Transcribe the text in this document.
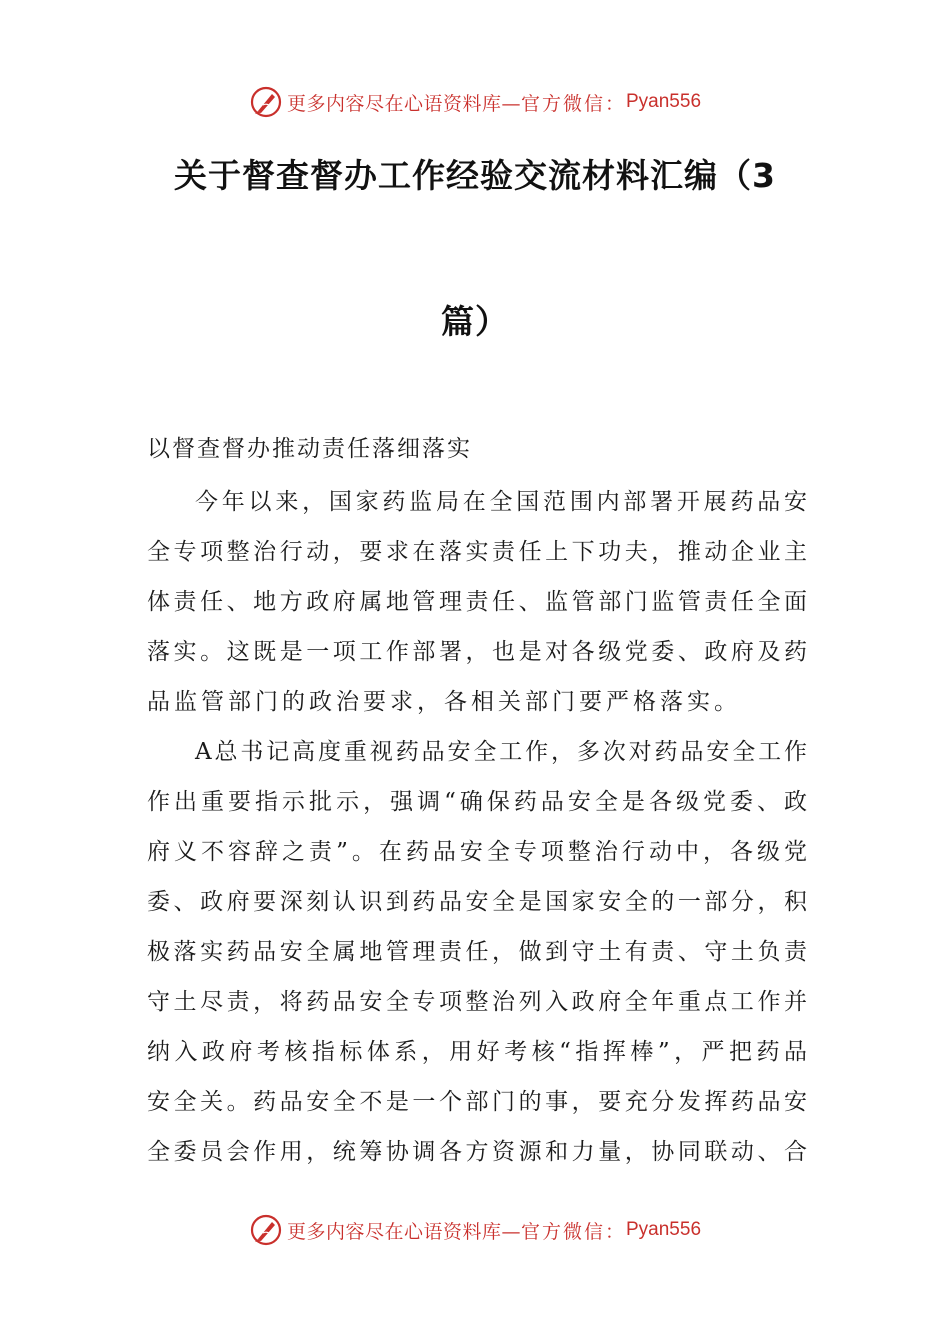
更多内容尽在心语资料库— 官方微信： Pyan556
关于督查督办工作经验交流材料汇编（3
篇）
以督查督办推动责任落细落实
今年以来，国家药监局在全国范围内部署开展药品安
全专项整治行动，要求在落实责任上下功夫，推动企业主
体责任、地方政府属地管理责任、监管部门监管责任全面
落实。这既是一项工作部署，也是对各级党委、政府及药
品监管部门的政治要求，各相关部门要严格落实。
A总书记高度重视药品安全工作，多次对药品安全工作
作出重要指示批示，强调“确保药品安全是各级党委、政
府义不容辞之责”。在药品安全专项整治行动中，各级党
委、政府要深刻认识到药品安全是国家安全的一部分，积
极落实药品安全属地管理责任，做到守土有责、守土负责
守土尽责，将药品安全专项整治列入政府全年重点工作并
纳入政府考核指标体系，用好考核“指挥棒”，严把药品
安全关。药品安全不是一个部门的事，要充分发挥药品安
全委员会作用，统筹协调各方资源和力量，协同联动、合
更多内容尽在心语资料库— 官方微信： Pyan556
